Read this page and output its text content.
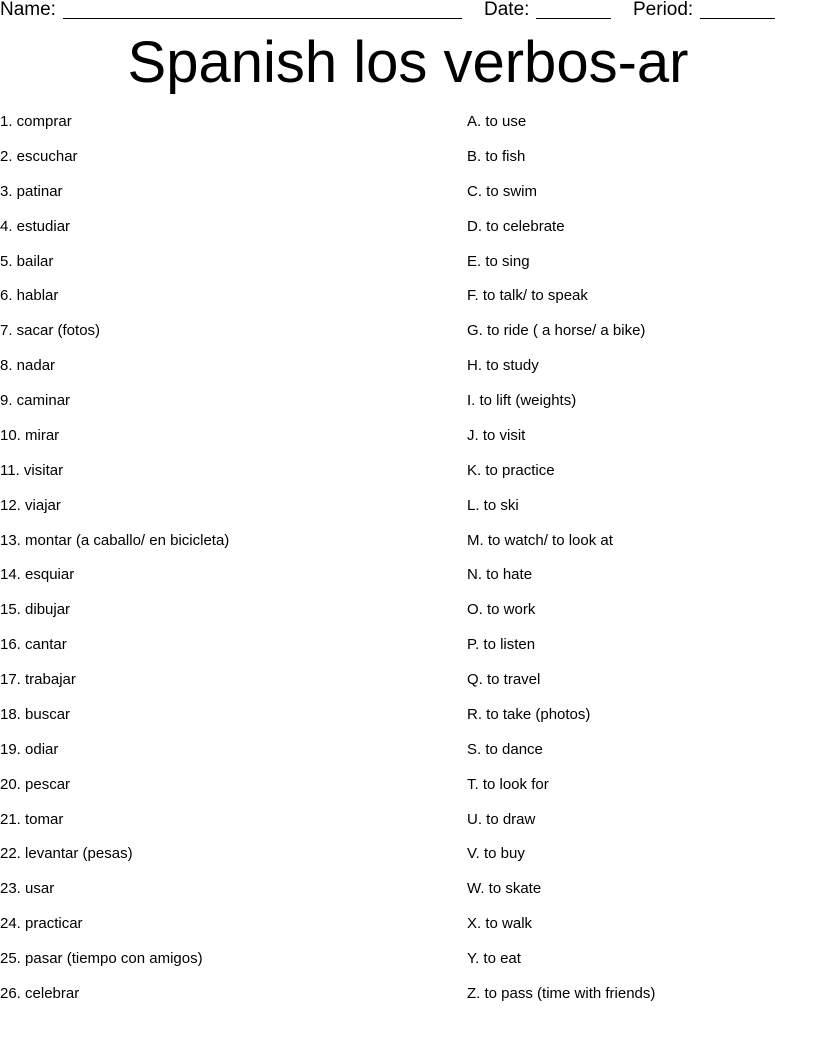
Name:	Date:	Period:
Spanish los verbos-ar
1. comprar
2. escuchar
3. patinar
4. estudiar
5. bailar
6. hablar
7. sacar (fotos)
8. nadar
9. caminar
10. mirar
11. visitar
12. viajar
13. montar (a caballo/ en bicicleta)
14. esquiar
15. dibujar
16. cantar
17. trabajar
18. buscar
19. odiar
20. pescar
21. tomar
22. levantar (pesas)
23. usar
24. practicar
25. pasar (tiempo con amigos)
26. celebrar
A. to use
B. to fish
C. to swim
D. to celebrate
E. to sing
F. to talk/ to speak
G. to ride ( a horse/ a bike)
H. to study
I. to lift (weights)
J. to visit
K. to practice
L. to ski
M. to watch/ to look at
N. to hate
O. to work
P. to listen
Q. to travel
R. to take (photos)
S. to dance
T. to look for
U. to draw
V. to buy
W. to skate
X. to walk
Y. to eat
Z. to pass (time with friends)
